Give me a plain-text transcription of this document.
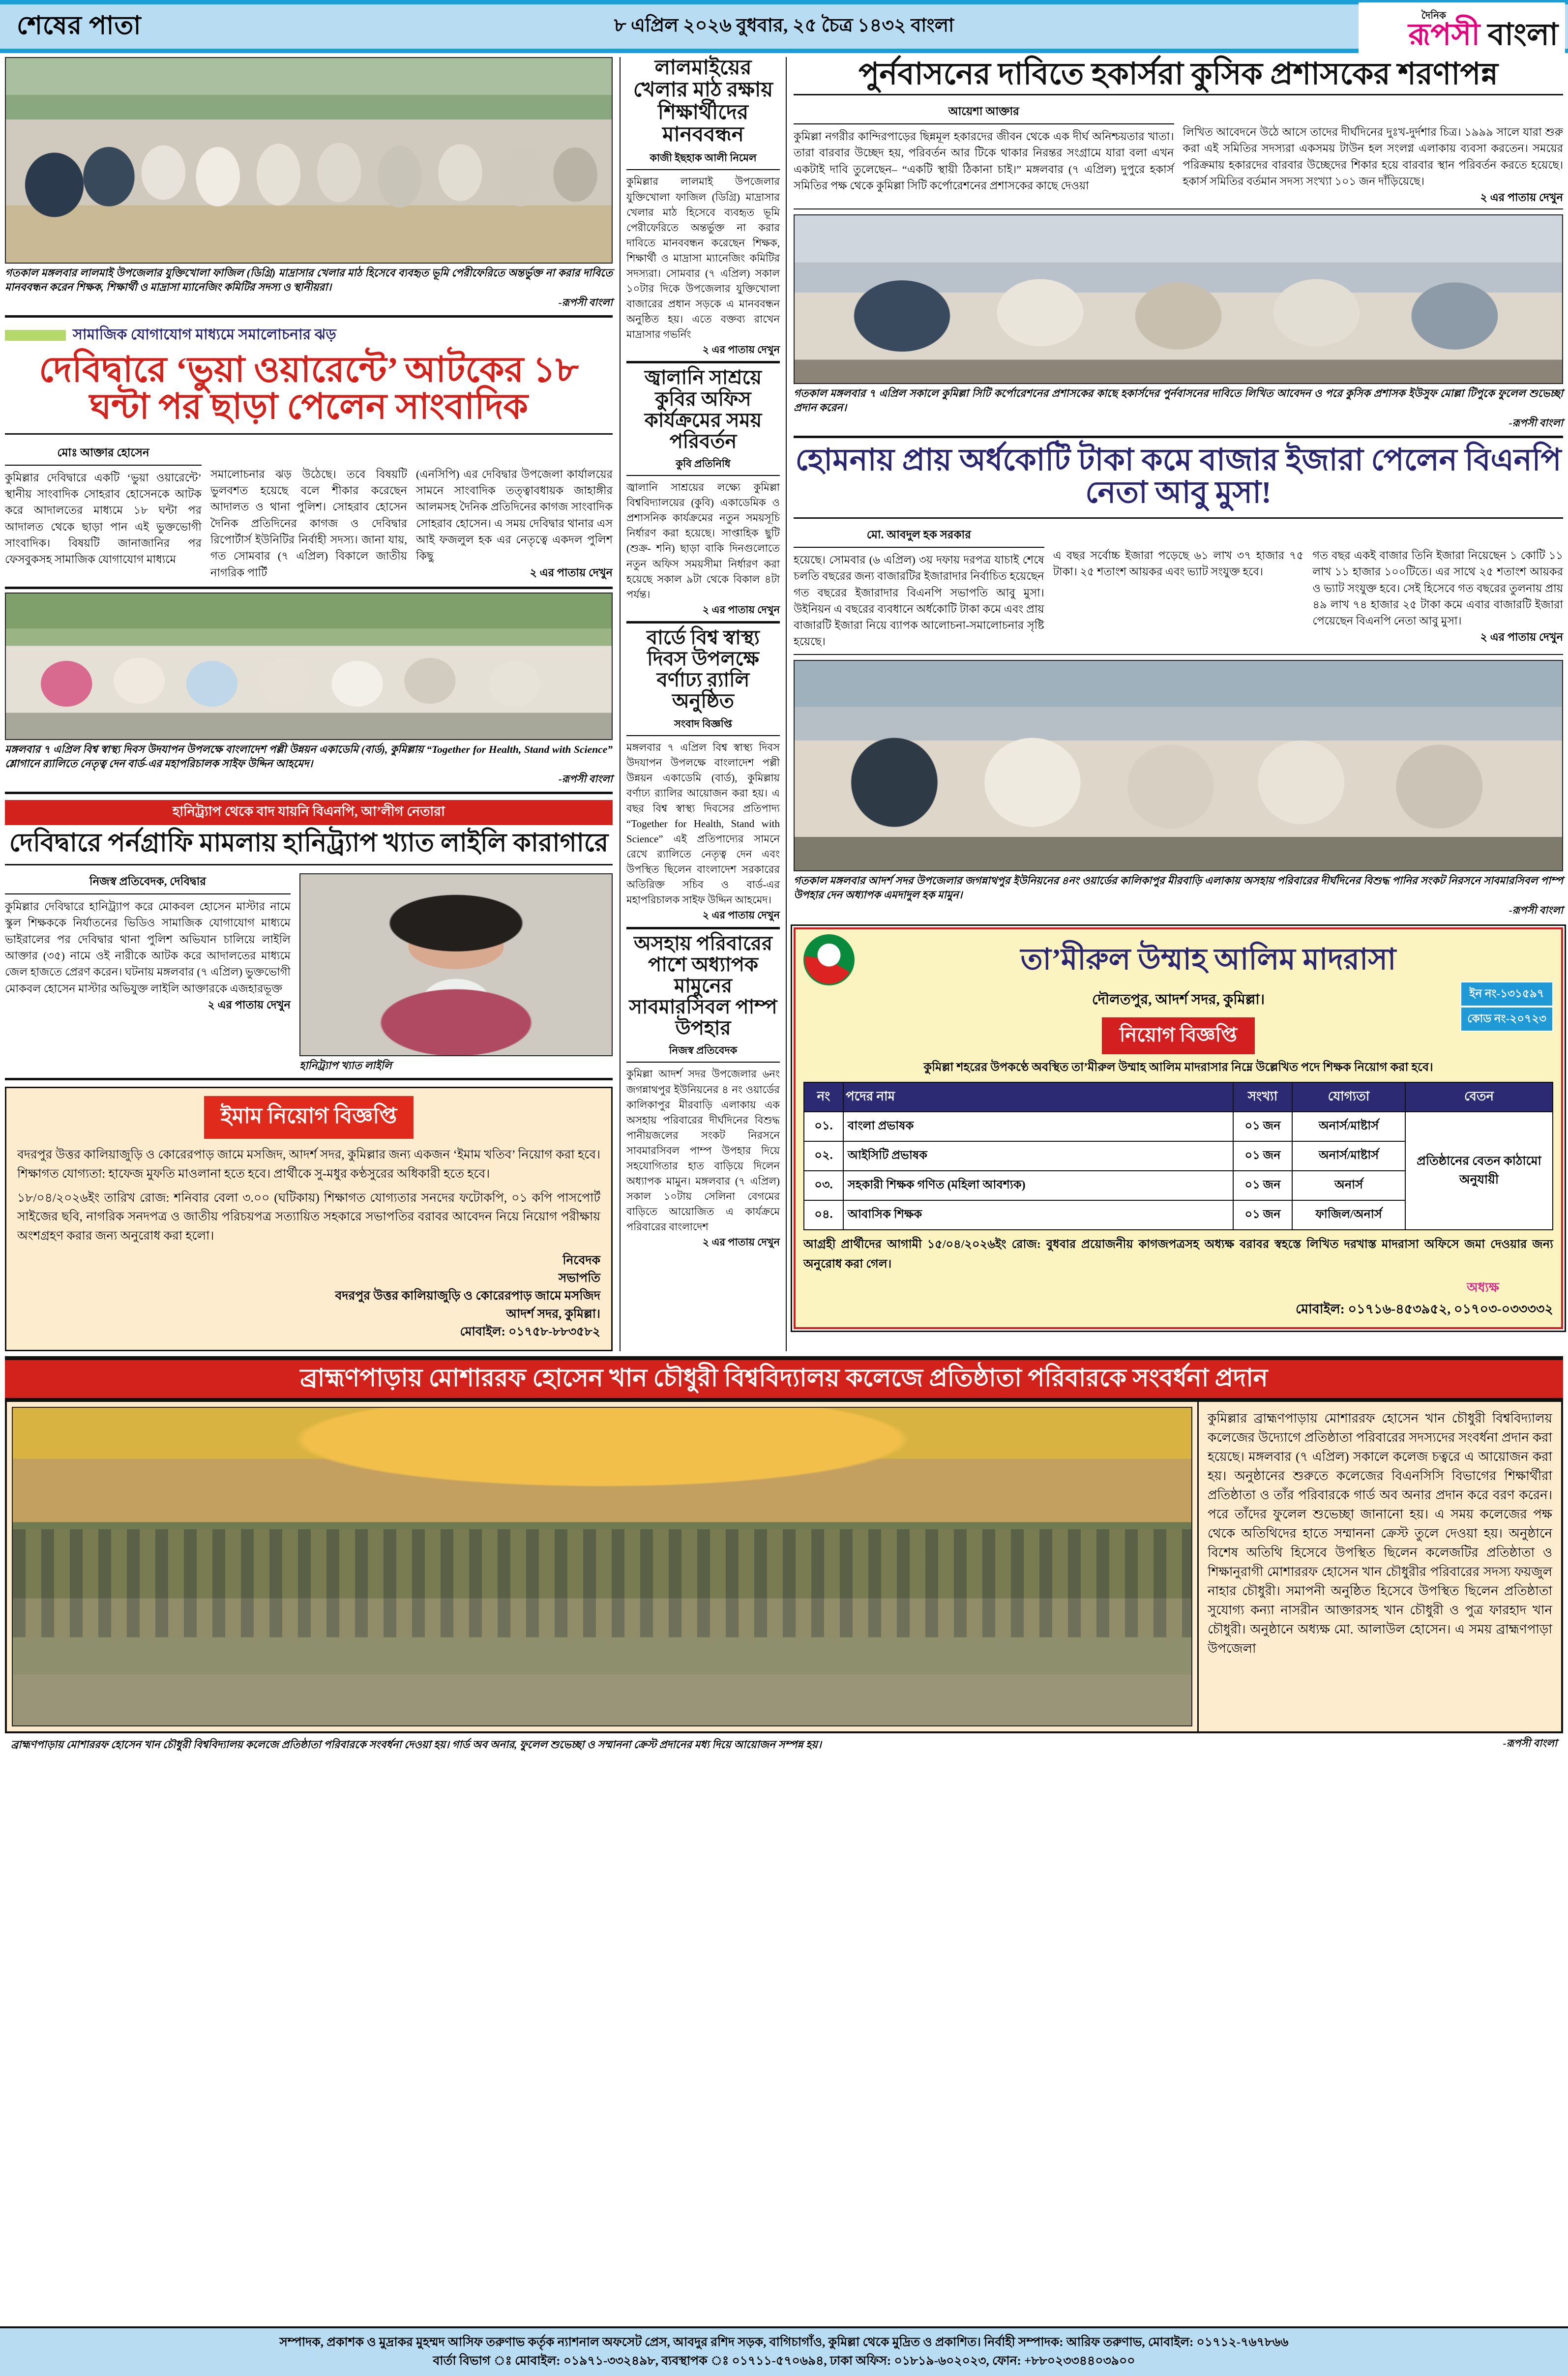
শেষের পাতা	৮ এপ্রিল ২০২৬ বুধবার, ২৫ চৈত্র ১৪৩২ বাংলা	দৈনিক
রূপসী বাংলা
গতকাল মঙ্গলবার লালমাই উপজেলার যুক্তিখোলা ফাজিল (ডিগ্রি) মাদ্রাসার খেলার মাঠ হিসেবে ব্যবহৃত ভূমি পেরীফেরিতে অন্তর্ভুক্ত না করার দাবিতে মানববন্ধন করেন শিক্ষক, শিক্ষার্থী ও মাদ্রাসা ম্যানেজিং কমিটির সদস্য ও স্থানীয়রা।
-রূপসী বাংলা
সামাজিক যোগাযোগ মাধ্যমে সমালোচনার ঝড়
দেবিদ্বারে ‘ভুয়া ওয়ারেন্টে’ আটকের ১৮ ঘন্টা পর ছাড়া পেলেন সাংবাদিক
মোঃ আক্তার হোসেন
কুমিল্লার দেবিদ্বারে একটি ‘ভুয়া ওয়ারেন্টে’ স্থানীয় সাংবাদিক সোহরাব হোসেনকে আটক করে আদালতের মাধ্যমে ১৮ ঘন্টা পর আদালত থেকে ছাড়া পান এই ভুক্তভোগী সাংবাদিক। বিষয়টি জানাজানির পর ফেসবুকসহ সামাজিক যোগাযোগ মাধ্যমে
সমালোচনার ঝড় উঠেছে। তবে বিষয়টি ভুলবশত হয়েছে বলে শীকার করেছেন আদালত ও থানা পুলিশ। সোহরাব হোসেন দৈনিক প্রতিদিনের কাগজ ও দেবিদ্বার রিপোর্টার্স ইউনিটির নির্বাহী সদস্য। জানা যায়, গত সোমবার (৭ এপ্রিল) বিকালে জাতীয় নাগরিক পার্টি
(এনসিপি) এর দেবিদ্বার উপজেলা কার্যালয়ের সামনে সাংবাদিক তত্ত্বাবধায়ক জাহাঙ্গীর আলমসহ দৈনিক প্রতিদিনের কাগজ সাংবাদিক সোহরাব হোসেন। এ সময় দেবিদ্বার থানার এস আই ফজলুল হক এর নেতৃত্বে একদল পুলিশ কিছু
২ এর পাতায় দেখুন
মঙ্গলবার ৭ এপ্রিল বিশ্ব স্বাস্থ্য দিবস উদযাপন উপলক্ষে বাংলাদেশ পল্লী উন্নয়ন একাডেমি (বার্ড), কুমিল্লায় “Together for Health, Stand with Science” শ্লোগানে র‌্যালিতে নেতৃত্ব দেন বার্ড-এর মহাপরিচালক সাইফ উদ্দিন আহমেদ।
-রূপসী বাংলা
হানিট্র্যাপ থেকে বাদ যায়নি বিএনপি, আ’লীগ নেতারা
দেবিদ্বারে পর্নগ্রাফি মামলায় হানিট্র্যাপ খ্যাত লাইলি কারাগারে
নিজস্ব প্রতিবেদক, দেবিদ্বার
কুমিল্লার দেবিদ্বারে হানিট্র্যাপ করে মোকবল হোসেন মাস্টার নামে স্কুল শিক্ষককে নির্যাতনের ভিডিও সামাজিক যোগাযোগ মাধ্যমে ভাইরালের পর দেবিদ্বার থানা পুলিশ অভিযান চালিয়ে লাইলি আক্তার (৩৫) নামে ওই নারীকে আটক করে আদালতের মাধ্যমে জেল হাজতে প্রেরণ করেন। ঘটনায় মঙ্গলবার (৭ এপ্রিল) ভুক্তভোগী মোকবল হোসেন মাস্টার অভিযুক্ত লাইলি আক্তারকে এজহারভূক্ত
২ এর পাতায় দেখুন
হানিট্র্যাপ খ্যাত লাইলি
ইমাম নিয়োগ বিজ্ঞপ্তি
বদরপুর উত্তর কালিয়াজুড়ি ও কোরেরপাড় জামে মসজিদ, আদর্শ সদর, কুমিল্লার জন্য একজন ‘ইমাম খতিব’ নিয়োগ করা হবে। শিক্ষাগত যোগ্যতা: হাফেজ মুফতি মাওলানা হতে হবে। প্রার্থীকে সু-মধুর কণ্ঠসুরের অধিকারী হতে হবে।
১৮/০৪/২০২৬ইং তারিখ রোজ: শনিবার বেলা ৩.০০ (ঘটিকায়) শিক্ষাগত যোগ্যতার সনদের ফটোকপি, ০১ কপি পাসপোর্ট সাইজের ছবি, নাগরিক সনদপত্র ও জাতীয় পরিচয়পত্র সত্যায়িত সহকারে সভাপতির বরাবর আবেদন নিয়ে নিয়োগ পরীক্ষায় অংশগ্রহণ করার জন্য অনুরোধ করা হলো।
নিবেদক
সভাপতি
বদরপুর উত্তর কালিয়াজুড়ি ও কোরেরপাড় জামে মসজিদ
আদর্শ সদর, কুমিল্লা।
মোবাইল: ০১৭৫৮-৮৮৩৫৮২
লালমাইয়ের খেলার মাঠ রক্ষায় শিক্ষার্থীদের মানববন্ধন
কাজী ইছহাক আলী নিমেল
কুমিল্লার লালমাই উপজেলার যুক্তিখোলা ফাজিল (ডিগ্রি) মাদ্রাসার খেলার মাঠ হিসেবে ব্যবহৃত ভূমি পেরীফেরিতে অন্তর্ভুক্ত না করার দাবিতে মানববন্ধন করেছেন শিক্ষক, শিক্ষার্থী ও মাদ্রাসা ম্যানেজিং কমিটির সদস্যরা। সোমবার (৭ এপ্রিল) সকাল ১০টার দিকে উপজেলার যুক্তিখোলা বাজারের প্রধান সড়কে এ মানববন্ধন অনুষ্ঠিত হয়। এতে বক্তব্য রাখেন মাদ্রাসার গভর্নিং
২ এর পাতায় দেখুন
জ্বালানি সাশ্রয়ে কুবির অফিস কার্যক্রমের সময় পরিবর্তন
কুবি প্রতিনিধি
জ্বালানি সাশ্রয়ের লক্ষ্যে কুমিল্লা বিশ্ববিদ্যালয়ের (কুবি) একাডেমিক ও প্রশাসনিক কার্যক্রমের নতুন সময়সূচি নির্ধারণ করা হয়েছে। সাপ্তাহিক ছুটি (শুক্র- শনি) ছাড়া বাকি দিনগুলোতে নতুন অফিস সময়সীমা নির্ধারণ করা হয়েছে সকাল ৯টা থেকে বিকাল ৪টা পর্যন্ত।
২ এর পাতায় দেখুন
বার্ডে বিশ্ব স্বাস্থ্য দিবস উপলক্ষে বর্ণাঢ্য র‌্যালি অনুষ্ঠিত
সংবাদ বিজ্ঞপ্তি
মঙ্গলবার ৭ এপ্রিল বিশ্ব স্বাস্থ্য দিবস উদযাপন উপলক্ষে বাংলাদেশ পল্লী উন্নয়ন একাডেমি (বার্ড), কুমিল্লায় বর্ণাঢ্য র‌্যালির আয়োজন করা হয়। এ বছর বিশ্ব স্বাস্থ্য দিবসের প্রতিপাদ্য “Together for Health, Stand with Science” এই প্রতিপাদ্যের সামনে রেখে র‌্যালিতে নেতৃত্ব দেন এবং উপস্থিত ছিলেন বাংলাদেশ সরকারের অতিরিক্ত সচিব ও বার্ড-এর মহাপরিচালক সাইফ উদ্দিন আহমেদ।
২ এর পাতায় দেখুন
অসহায় পরিবারের পাশে অধ্যাপক মামুনের সাবমারসিবল পাম্প উপহার
নিজস্ব প্রতিবেদক
কুমিল্লা আদর্শ সদর উপজেলার ৬নং জগন্নাথপুর ইউনিয়নের ৪ নং ওয়ার্ডের কালিকাপুর মীরবাড়ি এলাকায় এক অসহায় পরিবারের দীর্ঘদিনের বিশুদ্ধ পানীয়জলের সংকট নিরসনে সাবমারসিবল পাম্প উপহার দিয়ে সহযোগিতার হাত বাড়িয়ে দিলেন অধ্যাপক মামুন। মঙ্গলবার (৭ এপ্রিল) সকাল ১০টায় সেলিনা বেগমের বাড়িতে আয়োজিত এ কার্যক্রমে পরিবারের বাংলাদেশ
২ এর পাতায় দেখুন
পুর্নবাসনের দাবিতে হকার্সরা কুসিক প্রশাসকের শরণাপন্ন
আয়েশা আক্তার
কুমিল্লা নগরীর কান্দিরপাড়ের ছিন্নমূল হকারদের জীবন থেকে এক দীর্ঘ অনিশ্চয়তার খাতা। তারা বারবার উচ্ছেদ হয়, পরিবর্তন আর টিকে থাকার নিরন্তর সংগ্রামে যারা বলা এখন একটাই দাবি তুলেছেন– “একটি স্থায়ী ঠিকানা চাই।” মঙ্গলবার (৭ এপ্রিল) দুপুরে হকার্স সমিতির পক্ষ থেকে কুমিল্লা সিটি কর্পোরেশনের প্রশাসকের কাছে দেওয়া
লিখিত আবেদনে উঠে আসে তাদের দীর্ঘদিনের দুঃখ-দুর্দশার চিত্র। ১৯৯৯ সালে যারা শুরু করা এই সমিতির সদস্যরা একসময় টাউন হল সংলগ্ন এলাকায় ব্যবসা করতেন। সময়ের পরিক্রমায় হকারদের বারবার উচ্ছেদের শিকার হয়ে বারবার স্থান পরিবর্তন করতে হয়েছে। হকার্স সমিতির বর্তমান সদস্য সংখ্যা ১০১ জন দাঁড়িয়েছে।
২ এর পাতায় দেখুন
গতকাল মঙ্গলবার ৭ এপ্রিল সকালে কুমিল্লা সিটি কর্পোরেশনের প্রশাসকের কাছে হকার্সদের পুর্নবাসনের দাবিতে লিখিত আবেদন ও পরে কুসিক প্রশাসক ইউসুফ মোল্লা টিপুকে ফুলেল শুভেচ্ছা প্রদান করেন।
-রূপসী বাংলা
হোমনায় প্রায় অর্ধকোটি টাকা কমে বাজার ইজারা পেলেন বিএনপি নেতা আবু মুসা!
মো. আবদুল হক সরকার
হয়েছে। সোমবার (৬ এপ্রিল) ৩য় দফায় দরপত্র যাচাই শেষে চলতি বছরের জন্য বাজারটির ইজারাদার নির্বাচিত হয়েছেন গত বছরের ইজারাদার বিএনপি সভাপতি আবু মুসা। উইনিয়ন এ বছরের ব্যবধানে অর্ধকোটি টাকা কমে এবং প্রায় বাজারটি ইজারা নিয়ে ব্যাপক আলোচনা-সমালোচনার সৃষ্টি হয়েছে।
এ বছর সর্বোচ্চ ইজারা পড়েছে ৬১ লাখ ৩৭ হাজার ৭৫ টাকা। ২৫ শতাংশ আয়কর এবং ভ্যাট সংযুক্ত হবে।
গত বছর একই বাজার তিনি ইজারা নিয়েছেন ১ কোটি ১১ লাখ ১১ হাজার ১০০টিতে। এর সাথে ২৫ শতাংশ আয়কর ও ভ্যাট সংযুক্ত হবে। সেই হিসেবে গত বছরের তুলনায় প্রায় ৪৯ লাখ ৭৪ হাজার ২৫ টাকা কমে এবার বাজারটি ইজারা পেয়েছেন বিএনপি নেতা আবু মুসা।
২ এর পাতায় দেখুন
গতকাল মঙ্গলবার আদর্শ সদর উপজেলার জগন্নাথপুর ইউনিয়নের ৪নং ওয়ার্ডের কালিকাপুর মীরবাড়ি এলাকায় অসহায় পরিবারের দীর্ঘদিনের বিশুদ্ধ পানির সংকট নিরসনে সাবমারসিবল পাম্প উপহার দেন অধ্যাপক এমদাদুল হক মামুন।
-রূপসী বাংলা
তা’মীরুল উম্মাহ আলিম মাদরাসা
দৌলতপুর, আদর্শ সদর, কুমিল্লা।	ইন নং-১৩১৫৯৭
কোড নং-২০৭২৩
নিয়োগ বিজ্ঞপ্তি
কুমিল্লা শহরের উপকণ্ঠে অবস্থিত তা’মীরুল উম্মাহ আলিম মাদরাসার নিম্নে উল্লেখিত পদে শিক্ষক নিয়োগ করা হবে।
নং	পদের নাম	সংখ্যা	যোগ্যতা	বেতন
০১.	বাংলা প্রভাষক	০১ জন	অনার্স/মাষ্টার্স	প্রতিষ্ঠানের বেতন কাঠামো অনুযায়ী
০২.	আইসিটি প্রভাষক	০১ জন	অনার্স/মাষ্টার্স	
০৩.	সহকারী শিক্ষক গণিত (মহিলা আবশ্যক)	০১ জন	অনার্স	
০৪.	আবাসিক শিক্ষক	০১ জন	ফাজিল/অনার্স	
আগ্রহী প্রার্থীদের আগামী ১৫/০৪/২০২৬ইং রোজ: বুধবার প্রয়োজনীয় কাগজপত্রসহ অধ্যক্ষ বরাবর স্বহস্তে লিখিত দরখাস্ত মাদরাসা অফিসে জমা দেওয়ার জন্য অনুরোধ করা গেল।
অধ্যক্ষ
মোবাইল: ০১৭১৬-৪৫৩৯৫২, ০১৭০৩-০৩৩৩৩২
ব্রাহ্মণপাড়ায় মোশাররফ হোসেন খান চৌধুরী বিশ্ববিদ্যালয় কলেজে প্রতিষ্ঠাতা পরিবারকে সংবর্ধনা প্রদান
কুমিল্লার ব্রাহ্মণপাড়ায় মোশাররফ হোসেন খান চৌধুরী বিশ্ববিদ্যালয় কলেজের উদ্যোগে প্রতিষ্ঠাতা পরিবারের সদস্যদের সংবর্ধনা প্রদান করা হয়েছে। মঙ্গলবার (৭ এপ্রিল) সকালে কলেজ চত্বরে এ আয়োজন করা হয়। অনুষ্ঠানের শুরুতে কলেজের বিএনসিসি বিভাগের শিক্ষার্থীরা প্রতিষ্ঠাতা ও তাঁর পরিবারকে গার্ড অব অনার প্রদান করে বরণ করেন। পরে তাঁদের ফুলেল শুভেচ্ছা জানানো হয়। এ সময় কলেজের পক্ষ থেকে অতিথিদের হাতে সম্মাননা ক্রেস্ট তুলে দেওয়া হয়। অনুষ্ঠানে বিশেষ অতিথি হিসেবে উপস্থিত ছিলেন কলেজটির প্রতিষ্ঠাতা ও শিক্ষানুরাগী মোশাররফ হোসেন খান চৌধুরীর পরিবারের সদস্য ফয়জুল নাহার চৌধুরী। সমাপনী অনুষ্ঠিত হিসেবে উপস্থিত ছিলেন প্রতিষ্ঠাতা সুযোগ্য কন্যা নাসরীন আক্তারসহ খান চৌধুরী ও পুত্র ফারহাদ খান চৌধুরী। অনুষ্ঠানে অধ্যক্ষ মো. আলাউল হোসেন। এ সময় ব্রাহ্মণপাড়া উপজেলা
ব্রাহ্মণপাড়ায় মোশাররফ হোসেন খান চৌধুরী বিশ্ববিদ্যালয় কলেজে প্রতিষ্ঠাতা পরিবারকে সংবর্ধনা দেওয়া হয়। গার্ড অব অনার, ফুলেল শুভেচ্ছা ও সম্মাননা ক্রেস্ট প্রদানের মধ্য দিয়ে আয়োজন সম্পন্ন হয়।	-রূপসী বাংলা
সম্পাদক, প্রকাশক ও মুদ্রাকর মুহম্মদ আসিফ তরুণাভ কর্তৃক ন্যাশনাল অফসেট প্রেস, আবদুর রশিদ সড়ক, বাগিচাগাঁও, কুমিল্লা থেকে মুদ্রিত ও প্রকাশিত। নির্বাহী সম্পাদক: আরিফ তরুণাভ, মোবাইল: ০১৭১২-৭৬৭৮৬৬
বার্তা বিভাগ ঃ মোবাইল: ০১৯৭১-৩৩২৪৯৮, ব্যবস্থাপক ঃ ০১৭১১-৫৭০৬৯৪, ঢাকা অফিস: ০১৮১৯-৬০২০২৩, ফোন: +৮৮০২৩৩৪৪০৩৯০০
